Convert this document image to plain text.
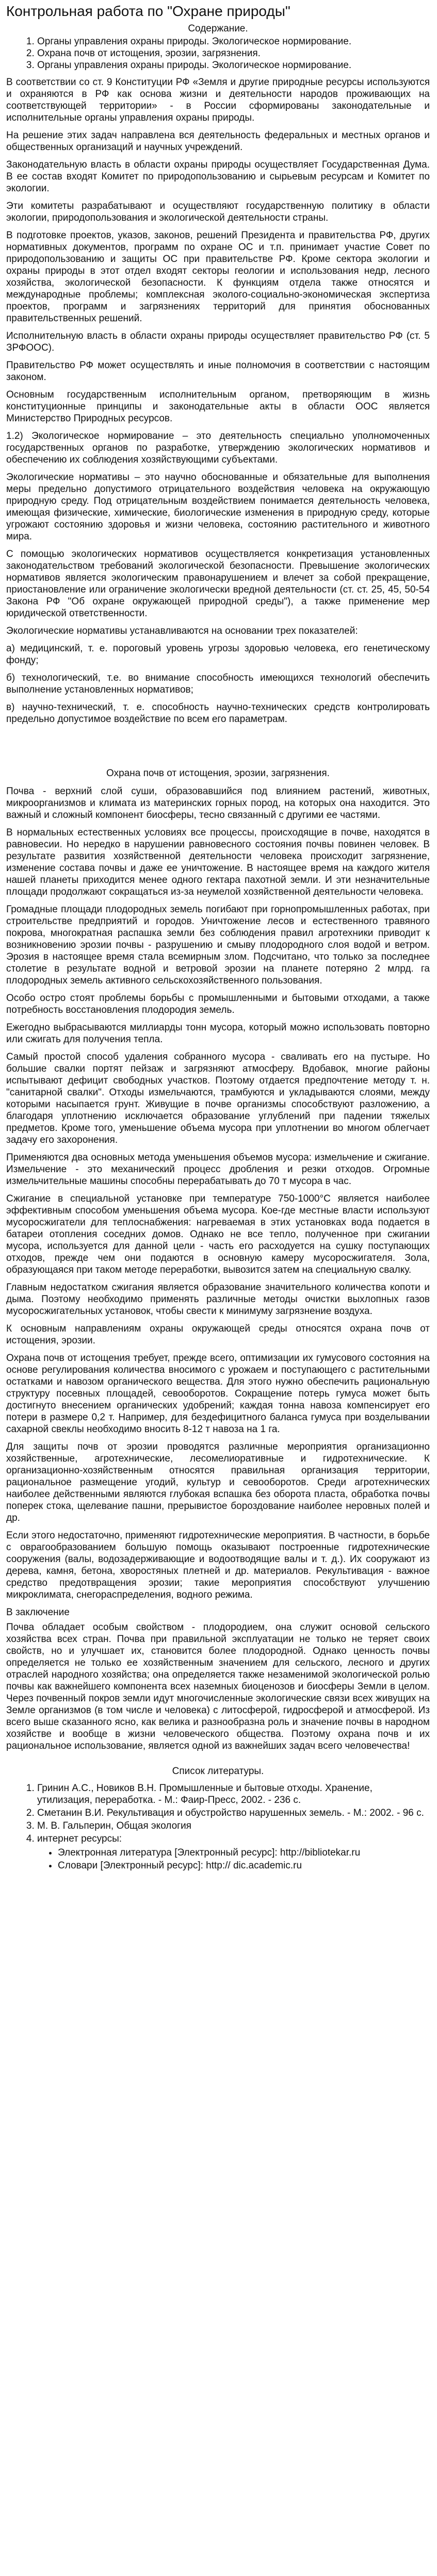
Контрольная работа по "Охране природы"
Содержание.
1. Органы управления охраны природы. Экологическое нормирование.
2. Охрана почв от истощения, эрозии, загрязнения.
3. Органы управления охраны природы. Экологическое нормирование.

В соответствии со ст. 9 Конституции РФ «Земля и другие природные ресурсы используются и охраняются в РФ как основа жизни и деятельности народов проживающих на соответствующей территории» - в России сформированы законодательные и исполнительные органы управления охраны природы.

На решение этих задач направлена вся деятельность федеральных и местных органов и общественных организаций и научных учреждений.

Законодательную власть в области охраны природы осуществляет Государственная Дума. В ее состав входят Комитет по природопользованию и сырьевым ресурсам и Комитет по экологии.

Эти комитеты разрабатывают и осуществляют государственную политику в области экологии, природопользования и экологической деятельности страны.

В подготовке проектов, указов, законов, решений Президента и правительства РФ, других нормативных документов, программ по охране ОС и т.п. принимает участие Совет по природопользованию и защиты ОС при правительстве РФ. Кроме сектора экологии и охраны природы в этот отдел входят секторы геологии и использования недр, лесного хозяйства, экологической безопасности. К функциям отдела также относятся и международные проблемы; комплексная эколого-социально-экономическая экспертиза проектов, программ и загрязнениях территорий для принятия обоснованных правительственных решений.

Исполнительную власть в области охраны природы осуществляет правительство РФ (ст. 5 ЗРФООС).

Правительство РФ может осуществлять и иные полномочия в соответствии с настоящим законом.

Основным государственным исполнительным органом, претворяющим в жизнь конституционные принципы и законодательные акты в области ООС является Министерство Природных ресурсов.

1.2) Экологическое нормирование – это деятельность специально уполномоченных государственных органов по разработке, утверждению экологических нормативов и обеспечению их соблюдения хозяйствующими субъектами.

Экологические нормативы – это научно обоснованные и обязательные для выполнения меры предельно допустимого отрицательного воздействия человека на окружающую природную среду. Под отрицательным воздействием понимается деятельность человека, имеющая физические, химические, биологические изменения в природную среду, которые угрожают состоянию здоровья и жизни человека, состоянию растительного и животного мира.

С помощью экологических нормативов осуществляется конкретизация установленных законодательством требований экологической безопасности. Превышение экологических нормативов является экологическим правонарушением и влечет за собой прекращение, приостановление или ограничение экологически вредной деятельности (ст. ст. 25, 45, 50-54 Закона РФ "Об охране окружающей природной среды"), а также применение мер юридической ответственности.

Экологические нормативы устанавливаются на основании трех показателей:

а) медицинский, т. е. пороговый уровень угрозы здоровью человека, его генетическому фонду;

б) технологический, т.е. во внимание способность имеющихся технологий обеспечить выполнение установленных нормативов;

в) научно-технический, т. е. способность научно-технических средств контролировать предельно допустимое воздействие по всем его параметрам.

Охрана почв от истощения, эрозии, загрязнения.

Почва - верхний слой суши, образовавшийся под влиянием растений, животных, микроорганизмов и климата из материнских горных пород, на которых она находится. Это важный и сложный компонент биосферы, тесно связанный с другими ее частями.

В нормальных естественных условиях все процессы, происходящие в почве, находятся в равновесии. Но нередко в нарушении равновесного состояния почвы повинен человек. В результате развития хозяйственной деятельности человека происходит загрязнение, изменение состава почвы и даже ее уничтожение. В настоящее время на каждого жителя нашей планеты приходится менее одного гектара пахотной земли. И эти незначительные площади продолжают сокращаться из-за неумелой хозяйственной деятельности человека.

Громадные площади плодородных земель погибают при горнопромышленных работах, при строительстве предприятий и городов. Уничтожение лесов и естественного травяного покрова, многократная распашка земли без соблюдения правил агротехники приводит к возникновению эрозии почвы - разрушению и смыву плодородного слоя водой и ветром. Эрозия в настоящее время стала всемирным злом. Подсчитано, что только за последнее столетие в результате водной и ветровой эрозии на планете потеряно 2 млрд. га плодородных земель активного сельскохозяйственного пользования.

Особо остро стоят проблемы борьбы с промышленными и бытовыми отходами, а также потребность восстановления плодородия земель.

Ежегодно выбрасываются миллиарды тонн мусора, который можно использовать повторно или сжигать для получения тепла.

Самый простой способ удаления собранного мусора - сваливать его на пустыре. Но большие свалки портят пейзаж и загрязняют атмосферу. Вдобавок, многие районы испытывают дефицит свободных участков. Поэтому отдается предпочтение методу т. н. "санитарной свалки". Отходы измельчаются, трамбуются и укладываются слоями, между которыми насыпается грунт. Живущие в почве организмы способствуют разложению, а благодаря уплотнению исключается образование углублений при падении тяжелых предметов. Кроме того, уменьшение объема мусора при уплотнении во многом облегчает задачу его захоронения.

Применяются два основных метода уменьшения объемов мусора: измельчение и сжигание. Измельчение - это механический процесс дробления и резки отходов. Огромные измельчительные машины способны перерабатывать до 70 т мусора в час.

Сжигание в специальной установке при температуре 750-1000°С является наиболее эффективным способом уменьшения объема мусора. Кое-где местные власти используют мусоросжигатели для теплоснабжения: нагреваемая в этих установках вода подается в батареи отопления соседних домов. Однако не все тепло, полученное при сжигании мусора, используется для данной цели - часть его расходуется на сушку поступающих отходов, прежде чем они подаются в основную камеру мусоросжигателя. Зола, образующаяся при таком методе переработки, вывозится затем на специальную свалку.

Главным недостатком сжигания является образование значительного количества копоти и дыма. Поэтому необходимо применять различные методы очистки выхлопных газов мусоросжигательных установок, чтобы свести к минимуму загрязнение воздуха.

К основным направлениям охраны окружающей среды относятся охрана почв от истощения, эрозии.

Охрана почв от истощения требует, прежде всего, оптимизации их гумусового состояния на основе регулирования количества вносимого с урожаем и поступающего с растительными остатками и навозом органического вещества. Для этого нужно обеспечить рациональную структуру посевных площадей, севооборотов. Сокращение потерь гумуса может быть достигнуто внесением органических удобрений; каждая тонна навоза компенсирует его потери в размере 0,2 т. Например, для бездефицитного баланса гумуса при возделывании сахарной свеклы необходимо вносить 8-12 т навоза на 1 га.

Для защиты почв от эрозии проводятся различные мероприятия организационно хозяйственные, агротехнические, лесомелиоративные и гидротехнические. К организационно-хозяйственным относятся правильная организация территории, рациональное размещение угодий, культур и севооборотов. Среди агротехнических наиболее действенными являются глубокая вспашка без оборота пласта, обработка почвы поперек стока, щелевание пашни, прерывистое бороздование наиболее неровных полей и др.

Если этого недостаточно, применяют гидротехнические мероприятия. В частности, в борьбе с оврагообразованием большую помощь оказывают построенные гидротехнические сооружения (валы, водозадерживающие и водоотводящие валы и т. д.). Их сооружают из дерева, камня, бетона, хворостяных плетней и др. материалов. Рекультивация - важное средство предотвращения эрозии; такие мероприятия способствуют улучшению микроклимата, снегораспределения, водного режима.

В заключение

Почва обладает особым свойством - плодородием, она служит основой сельского хозяйства всех стран. Почва при правильной эксплуатации не только не теряет своих свойств, но и улучшает их, становится более плодородной. Однако ценность почвы определяется не только ее хозяйственным значением для сельского, лесного и других отраслей народного хозяйства; она определяется также незаменимой экологической ролью почвы как важнейшего компонента всех наземных биоценозов и биосферы Земли в целом. Через почвенный покров земли идут многочисленные экологические связи всех живущих на Земле организмов (в том числе и человека) с литосферой, гидросферой и атмосферой. Из всего выше сказанного ясно, как велика и разнообразна роль и значение почвы в народном хозяйстве и вообще в жизни человеческого общества. Поэтому охрана почв и их рациональное использование, является одной из важнейших задач всего человечества!

Список литературы.
1. Гринин А.С., Новиков В.Н. Промышленные и бытовые отходы. Хранение, утилизация, переработка. - М.: Фаир-Пресс, 2002. - 236 с.
2. Сметанин В.И. Рекультивация и обустройство нарушенных земель. - М.: 2002. - 96 с.
3. М. В. Гальперин, Общая экология
4. интернет ресурсы:
• Электронная литература [Электронный ресурс]: http://bibliotekar.ru
• Словари [Электронный ресурс]: http:// dic.academic.ru
